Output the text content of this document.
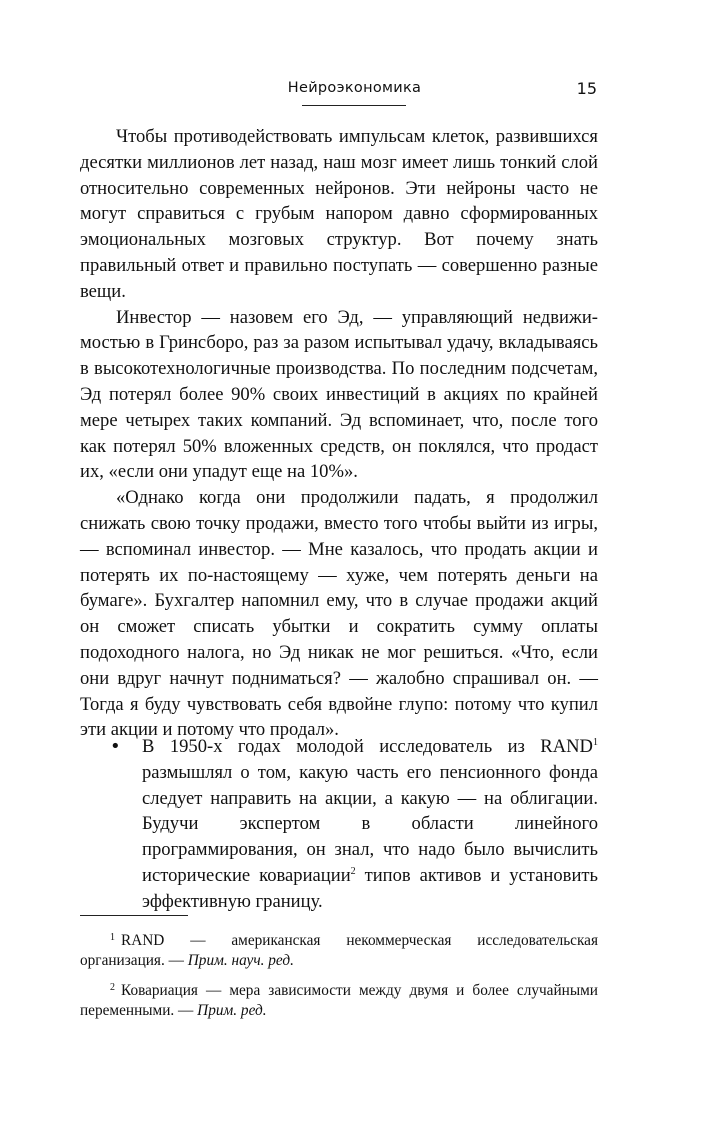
Нейроэкономика	15

Чтобы противодействовать импульсам клеток, развившихся десятки миллионов лет назад, наш мозг имеет лишь тонкий слой относительно современных нейронов. Эти нейроны часто не могут справиться с грубым напором давно сформированных эмоциональных мозговых структур. Вот почему знать правильный ответ и правильно поступать — совершенно разные вещи.

Инвестор — назовем его Эд, — управляющий недвижимостью в Гринсборо, раз за разом испытывал удачу, вкладываясь в высокотехнологичные производства. По последним подсчетам, Эд потерял более 90% своих инвестиций в акциях по крайней мере четырех таких компаний. Эд вспоминает, что, после того как потерял 50% вложенных средств, он поклялся, что продаст их, «если они упадут еще на 10%».

«Однако когда они продолжили падать, я продолжил снижать свою точку продажи, вместо того чтобы выйти из игры, — вспоминал инвестор. — Мне казалось, что продать акции и потерять их по-настоящему — хуже, чем потерять деньги на бумаге». Бухгалтер напомнил ему, что в случае продажи акций он сможет списать убытки и сократить сумму оплаты подоходного налога, но Эд никак не мог решиться. «Что, если они вдруг начнут подниматься? — жалобно спрашивал он. — Тогда я буду чувствовать себя вдвойне глупо: потому что купил эти акции и потому что продал».

• В 1950-х годах молодой исследователь из RAND$^1$ размышлял о том, какую часть его пенсионного фонда следует направить на акции, а какую — на облигации. Будучи экспертом в области линейного программирования, он знал, что надо было вычислить исторические ковариации$^2$ типов активов и установить эффективную границу.

$^1$ RAND — американская некоммерческая исследовательская организация. — Прим. науч. ред.

$^2$ Ковариация — мера зависимости между двумя и более случайными переменными. — Прим. ред.
